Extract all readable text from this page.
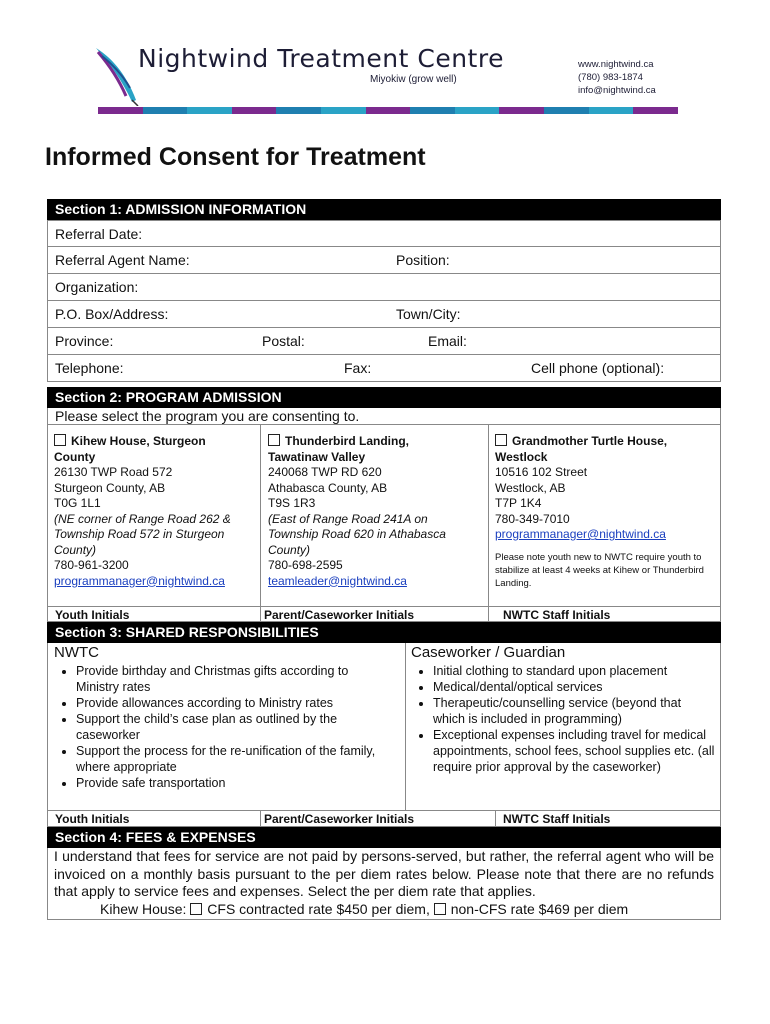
Nightwind Treatment Centre
Miyokiw (grow well)
www.nightwind.ca
(780) 983-1874
info@nightwind.ca
Informed Consent for Treatment
Section 1: ADMISSION INFORMATION
Referral Date:
Referral Agent Name:	Position:
Organization:
P.O. Box/Address:	Town/City:
Province:	Postal:	Email:
Telephone:	Fax:	Cell phone (optional):
Section 2: PROGRAM ADMISSION
Please select the program you are consenting to.
Kihew House, Sturgeon
County
26130 TWP Road 572
Sturgeon County, AB
T0G 1L1
(NE corner of Range Road 262 &
Township Road 572 in Sturgeon
County)
780-961-3200
programmanager@nightwind.ca
Thunderbird Landing,
Tawatinaw Valley
240068 TWP RD 620
Athabasca County, AB
T9S 1R3
(East of Range Road 241A on
Township Road 620 in Athabasca
County)
780-698-2595
teamleader@nightwind.ca
Grandmother Turtle House,
Westlock
10516 102 Street
Westlock, AB
T7P 1K4
780-349-7010
programmanager@nightwind.ca
Please note youth new to NWTC require youth to stabilize at least 4 weeks at Kihew or Thunderbird Landing.
Youth Initials	Parent/Caseworker Initials	NWTC Staff Initials
Section 3: SHARED RESPONSIBILITIES
NWTC
• Provide birthday and Christmas gifts according to Ministry rates
• Provide allowances according to Ministry rates
• Support the child’s case plan as outlined by the caseworker
• Support the process for the re-unification of the family, where appropriate
• Provide safe transportation
Caseworker / Guardian
• Initial clothing to standard upon placement
• Medical/dental/optical services
• Therapeutic/counselling service (beyond that which is included in programming)
• Exceptional expenses including travel for medical appointments, school fees, school supplies etc. (all require prior approval by the caseworker)
Youth Initials	Parent/Caseworker Initials	NWTC Staff Initials
Section 4: FEES & EXPENSES
I understand that fees for service are not paid by persons-served, but rather, the referral agent who will be invoiced on a monthly basis pursuant to the per diem rates below. Please note that there are no refunds that apply to service fees and expenses. Select the per diem rate that applies.
Kihew House: CFS contracted rate $450 per diem, non-CFS rate $469 per diem
